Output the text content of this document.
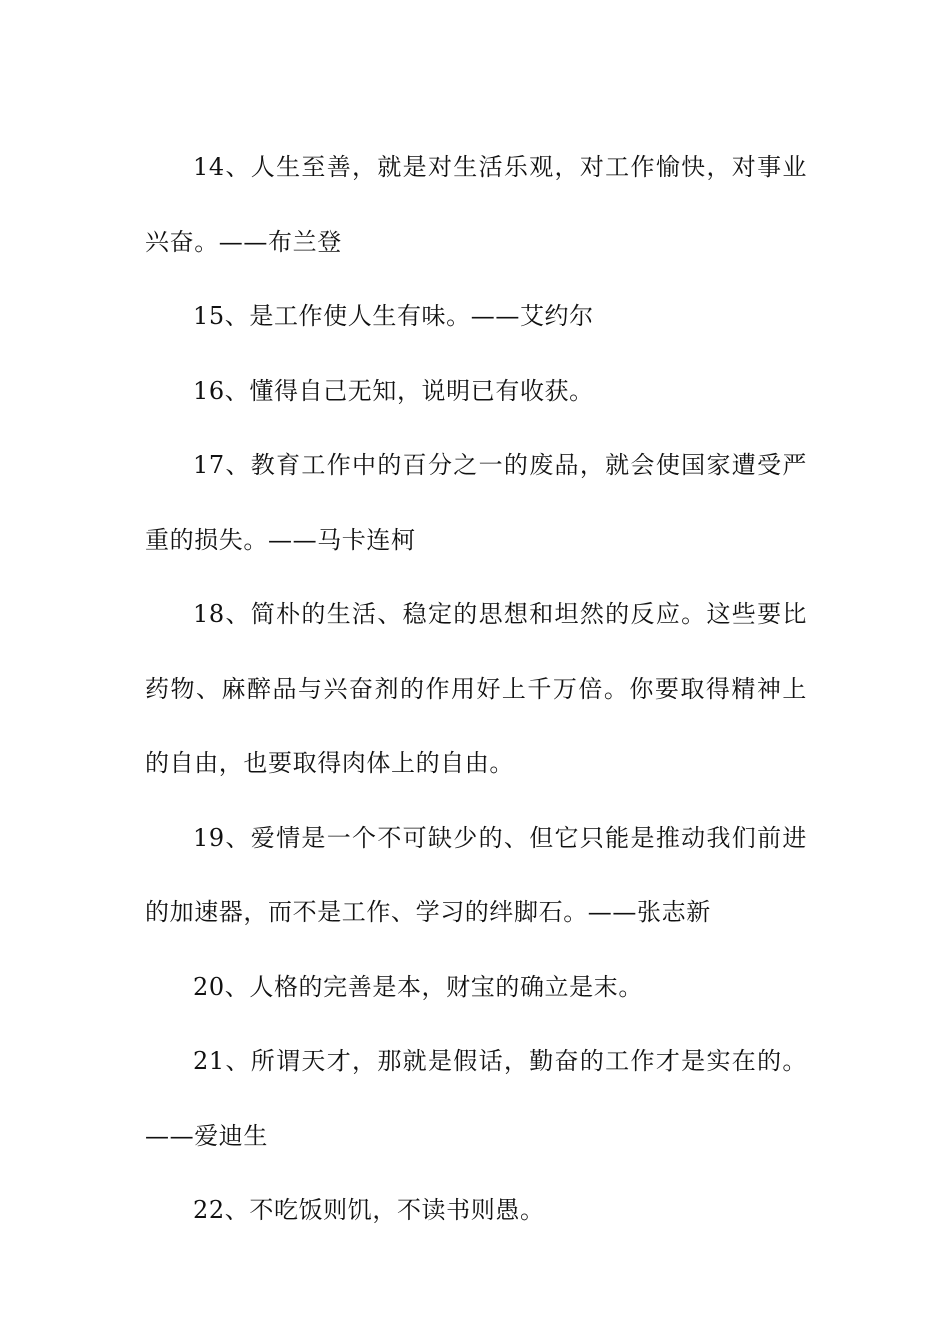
14、人生至善，就是对生活乐观，对工作愉快，对事业兴奋。——布兰登

15、是工作使人生有味。——艾约尔

16、懂得自己无知，说明已有收获。

17、教育工作中的百分之一的废品，就会使国家遭受严重的损失。——马卡连柯

18、简朴的生活、稳定的思想和坦然的反应。这些要比药物、麻醉品与兴奋剂的作用好上千万倍。你要取得精神上的自由，也要取得肉体上的自由。

19、爱情是一个不可缺少的、但它只能是推动我们前进的加速器，而不是工作、学习的绊脚石。——张志新

20、人格的完善是本，财宝的确立是末。

21、所谓天才，那就是假话，勤奋的工作才是实在的。——爱迪生

22、不吃饭则饥，不读书则愚。
